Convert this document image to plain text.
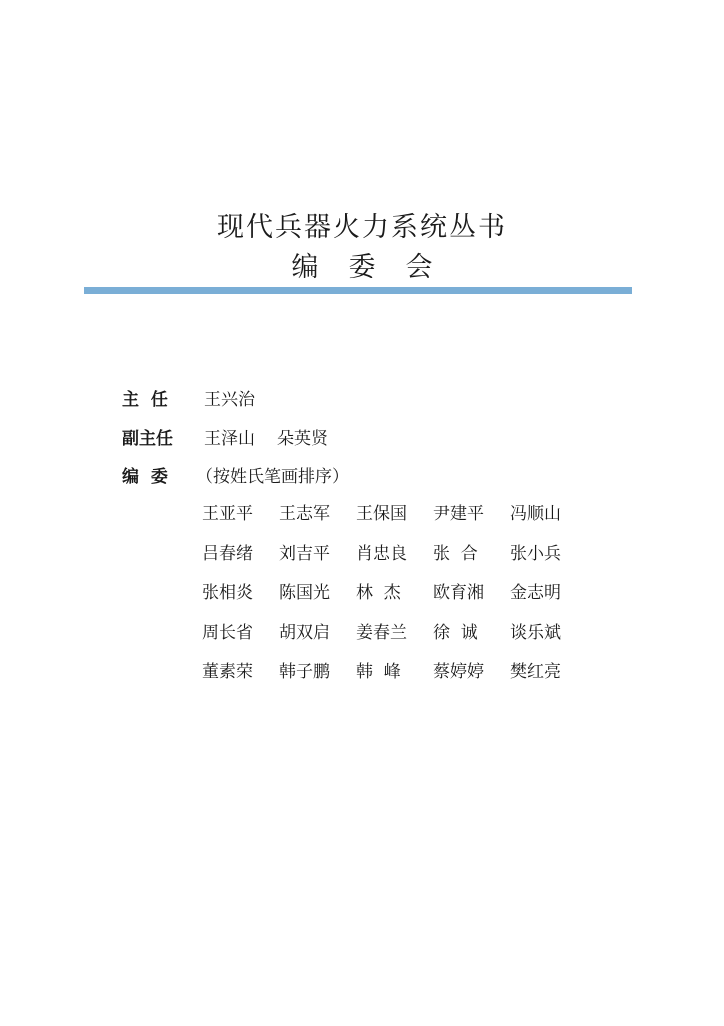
现代兵器火力系统丛书
编委会
主  任 王兴治
副主任 王泽山 朵英贤
编  委 （按姓氏笔画排序）
王亚平	王志军	王保国	尹建平	冯顺山
吕春绪	刘吉平	肖忠良	张  合	张小兵
张相炎	陈国光	林  杰	欧育湘	金志明
周长省	胡双启	姜春兰	徐  诚	谈乐斌
董素荣	韩子鹏	韩  峰	蔡婷婷	樊红亮
